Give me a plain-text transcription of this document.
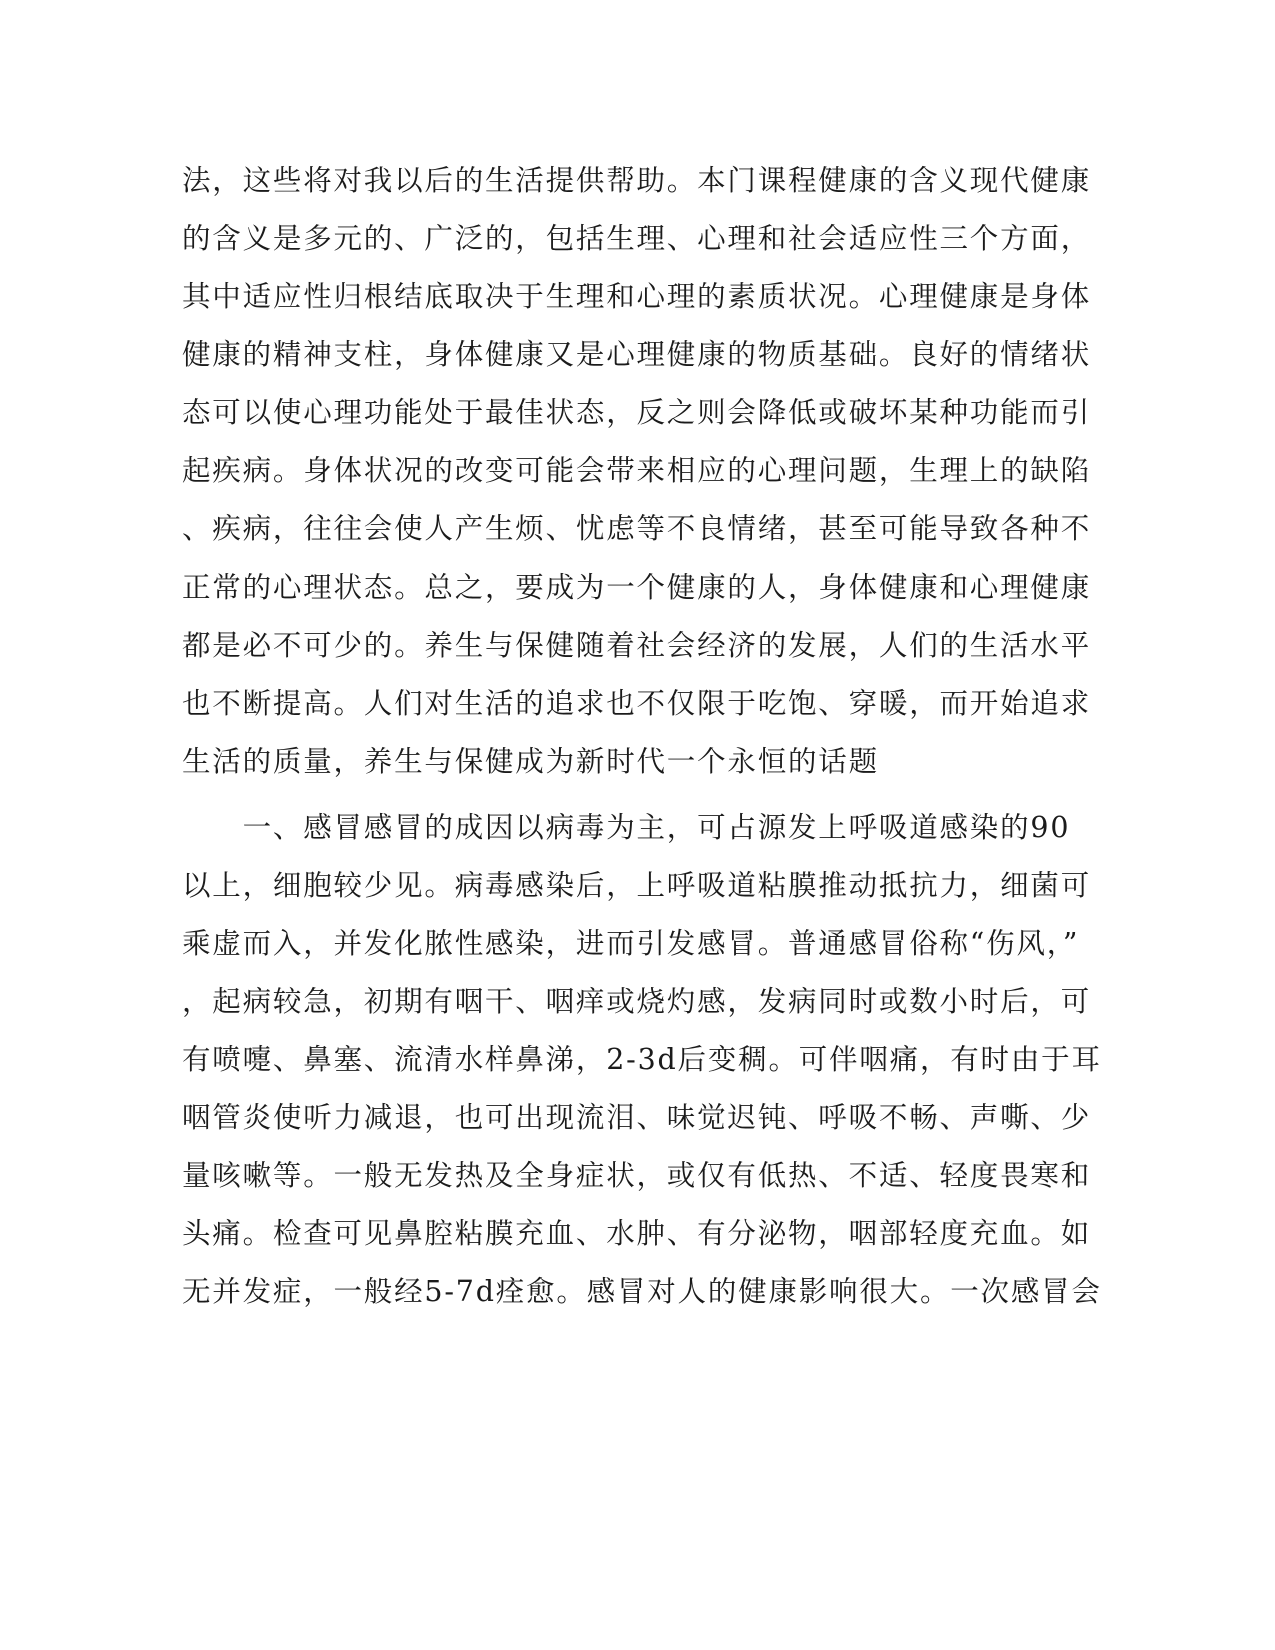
法，这些将对我以后的生活提供帮助。本门课程健康的含义现代健康

的含义是多元的、广泛的，包括生理、心理和社会适应性三个方面，

其中适应性归根结底取决于生理和心理的素质状况。心理健康是身体

健康的精神支柱，身体健康又是心理健康的物质基础。良好的情绪状

态可以使心理功能处于最佳状态，反之则会降低或破坏某种功能而引

起疾病。身体状况的改变可能会带来相应的心理问题，生理上的缺陷

、疾病，往往会使人产生烦、忧虑等不良情绪，甚至可能导致各种不

正常的心理状态。总之，要成为一个健康的人，身体健康和心理健康

都是必不可少的。养生与保健随着社会经济的发展，人们的生活水平

也不断提高。人们对生活的追求也不仅限于吃饱、穿暖，而开始追求

生活的质量，养生与保健成为新时代一个永恒的话题

　　一、感冒感冒的成因以病毒为主，可占源发上呼吸道感染的90

以上，细胞较少见。病毒感染后，上呼吸道粘膜推动抵抗力，细菌可

乘虚而入，并发化脓性感染，进而引发感冒。普通感冒俗称“伤风，”

，起病较急，初期有咽干、咽痒或烧灼感，发病同时或数小时后，可

有喷嚏、鼻塞、流清水样鼻涕，2-3d后变稠。可伴咽痛，有时由于耳

咽管炎使听力减退，也可出现流泪、味觉迟钝、呼吸不畅、声嘶、少

量咳嗽等。一般无发热及全身症状，或仅有低热、不适、轻度畏寒和

头痛。检查可见鼻腔粘膜充血、水肿、有分泌物，咽部轻度充血。如

无并发症，一般经5-7d痊愈。感冒对人的健康影响很大。一次感冒会
